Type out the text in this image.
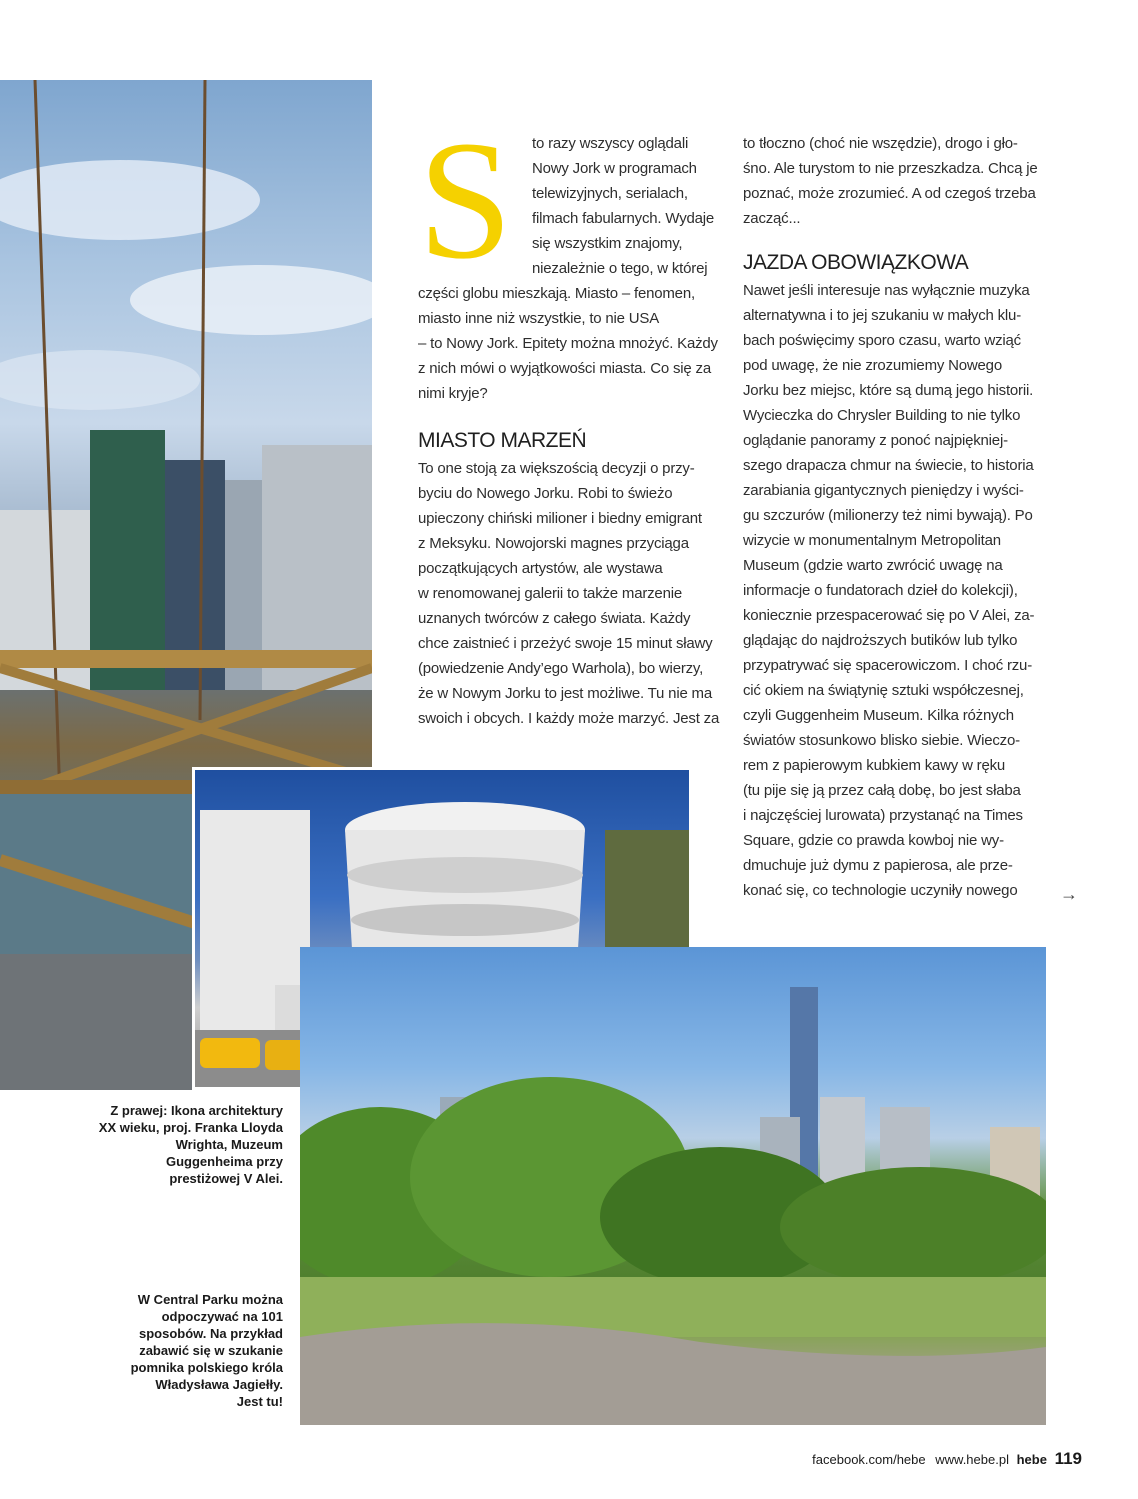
S to razy wszyscy oglądali
Nowy Jork w programach
telewizyjnych, serialach,
filmach fabularnych. Wydaje
się wszystkim znajomy,
niezależnie o tego, w której
części globu mieszkają. Miasto – fenomen,
miasto inne niż wszystkie, to nie USA
– to Nowy Jork. Epitety można mnożyć. Każdy
z nich mówi o wyjątkowości miasta. Co się za
nimi kryje?
MIASTO MARZEŃ
To one stoją za większością decyzji o przy-
byciu do Nowego Jorku. Robi to świeżo
upieczony chiński milioner i biedny emigrant
z Meksyku. Nowojorski magnes przyciąga
początkujących artystów, ale wystawa
w renomowanej galerii to także marzenie
uznanych twórców z całego świata. Każdy
chce zaistnieć i przeżyć swoje 15 minut sławy
(powiedzenie Andy’ego Warhola), bo wierzy,
że w Nowym Jorku to jest możliwe. Tu nie ma
swoich i obcych. I każdy może marzyć. Jest za
to tłoczno (choć nie wszędzie), drogo i gło-
śno. Ale turystom to nie przeszkadza. Chcą je
poznać, może zrozumieć. A od czegoś trzeba
zacząć...
JAZDA OBOWIĄZKOWA
Nawet jeśli interesuje nas wyłącznie muzyka
alternatywna i to jej szukaniu w małych klu-
bach poświęcimy sporo czasu, warto wziąć
pod uwagę, że nie zrozumiemy Nowego
Jorku bez miejsc, które są dumą jego historii.
Wycieczka do Chrysler Building to nie tylko
oglądanie panoramy z ponoć najpiękniej-
szego drapacza chmur na świecie, to historia
zarabiania gigantycznych pieniędzy i wyści-
gu szczurów (milionerzy też nimi bywają). Po
wizycie w monumentalnym Metropolitan
Museum (gdzie warto zwrócić uwagę na
informacje o fundatorach dzieł do kolekcji),
koniecznie przespacerować się po V Alei, za-
glądając do najdroższych butików lub tylko
przypatrywać się spacerowiczom. I choć rzu-
cić okiem na świątynię sztuki współczesnej,
czyli Guggenheim Museum. Kilka różnych
światów stosunkowo blisko siebie. Wieczo-
rem z papierowym kubkiem kawy w ręku
(tu pije się ją przez całą dobę, bo jest słaba
i najczęściej lurowata) przystanąć na Times
Square, gdzie co prawda kowboj nie wy-
dmuchuje już dymu z papierosa, ale prze-
konać się, co technologie uczyniły nowego	→
Z prawej: Ikona architektury
XX wieku, proj. Franka Lloyda
Wrighta, Muzeum
Guggenheima przy
prestiżowej V Alei.
W Central Parku można
odpoczywać na 101
sposobów. Na przykład
zabawić się w szukanie
pomnika polskiego króla
Władysława Jagiełły.
Jest tu!
facebook.com/hebe www.hebe.pl hebe 119
